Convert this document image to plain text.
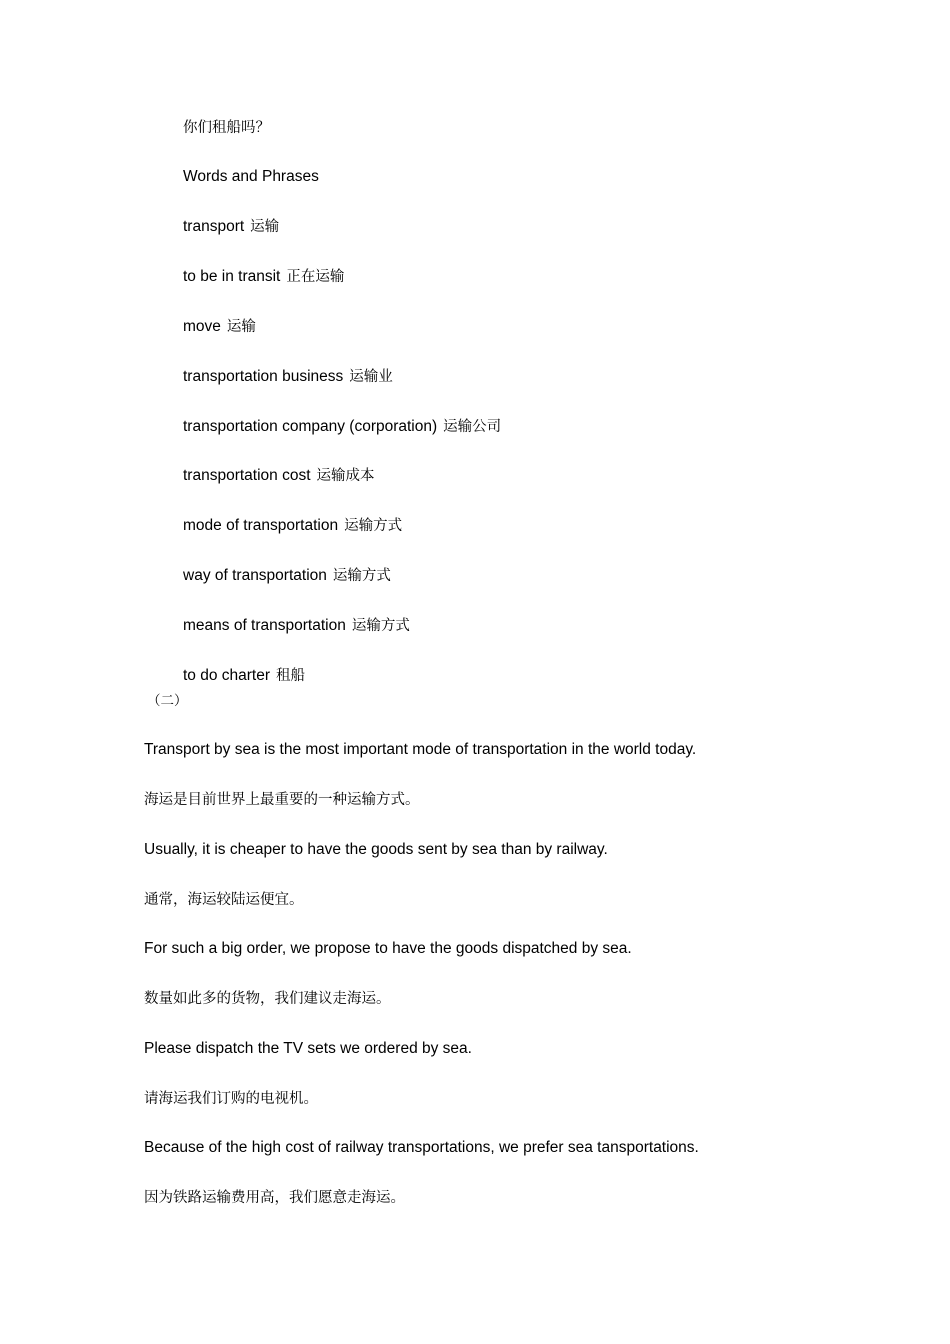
你们租船吗？
Words and Phrases
transport 运输
to be in transit 正在运输
move 运输
transportation business 运输业
transportation company (corporation) 运输公司
transportation cost 运输成本
mode of transportation 运输方式
way of transportation 运输方式
means of transportation 运输方式
to do charter 租船
（二）
Transport by sea is the most important mode of transportation in the world today.
海运是目前世界上最重要的一种运输方式。
Usually, it is cheaper to have the goods sent by sea than by railway.
通常，海运较陆运便宜。
For such a big order, we propose to have the goods dispatched by sea.
数量如此多的货物，我们建议走海运。
Please dispatch the TV sets we ordered by sea.
请海运我们订购的电视机。
Because of the high cost of railway transportations, we prefer sea tansportations.
因为铁路运输费用高，我们愿意走海运。
